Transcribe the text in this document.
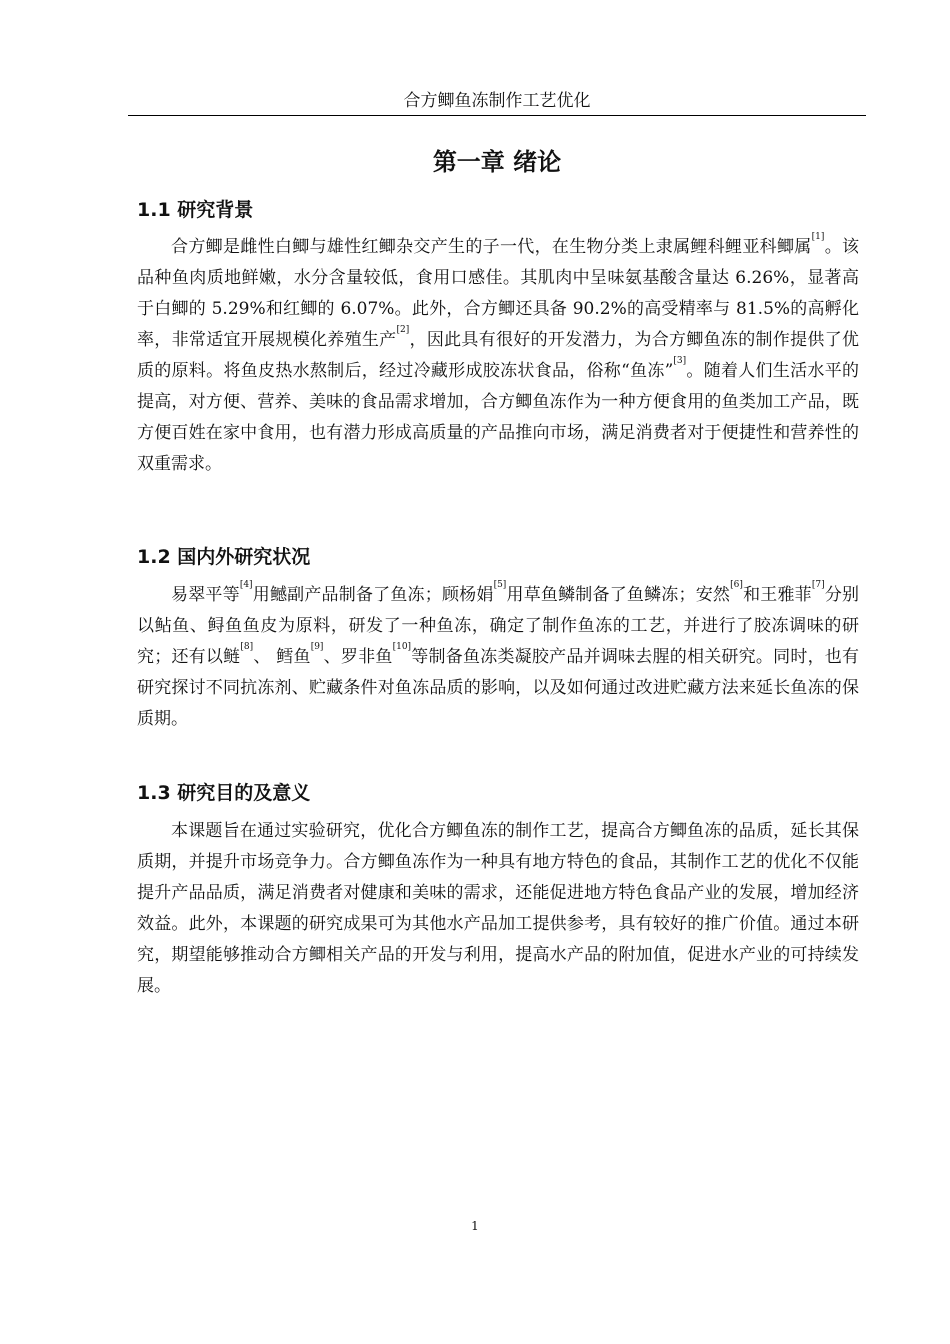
合方鲫鱼冻制作工艺优化
第一章 绪论
1.1 研究背景

合方鲫是雌性白鲫与雄性红鲫杂交产生的子一代，在生物分类上隶属鲤科鲤亚科鲫属[1]。该品种鱼肉质地鲜嫩，水分含量较低，食用口感佳。其肌肉中呈味氨基酸含量达 6.26%，显著高于白鲫的 5.29%和红鲫的 6.07%。此外，合方鲫还具备 90.2%的高受精率与 81.5%的高孵化率，非常适宜开展规模化养殖生产[2]，因此具有很好的开发潜力，为合方鲫鱼冻的制作提供了优质的原料。将鱼皮热水熬制后，经过冷藏形成胶冻状食品，俗称“鱼冻”[3]。随着人们生活水平的提高，对方便、营养、美味的食品需求增加，合方鲫鱼冻作为一种方便食用的鱼类加工产品，既方便百姓在家中食用，也有潜力形成高质量的产品推向市场，满足消费者对于便捷性和营养性的双重需求。

1.2 国内外研究状况

易翠平等[4]用鳡副产品制备了鱼冻；顾杨娟[5]用草鱼鳞制备了鱼鳞冻；安然[6]和王雅菲[7]分别以鲇鱼、鲟鱼鱼皮为原料，研发了一种鱼冻，确定了制作鱼冻的工艺，并进行了胶冻调味的研究；还有以鲢[8]、 鳕鱼[9]、罗非鱼[10]等制备鱼冻类凝胶产品并调味去腥的相关研究。同时，也有研究探讨不同抗冻剂、贮藏条件对鱼冻品质的影响，以及如何通过改进贮藏方法来延长鱼冻的保质期。

1.3 研究目的及意义

本课题旨在通过实验研究，优化合方鲫鱼冻的制作工艺，提高合方鲫鱼冻的品质，延长其保质期，并提升市场竞争力。合方鲫鱼冻作为一种具有地方特色的食品，其制作工艺的优化不仅能提升产品品质，满足消费者对健康和美味的需求，还能促进地方特色食品产业的发展，增加经济效益。此外，本课题的研究成果可为其他水产品加工提供参考，具有较好的推广价值。通过本研究，期望能够推动合方鲫相关产品的开发与利用，提高水产品的附加值，促进水产业的可持续发展。

1
